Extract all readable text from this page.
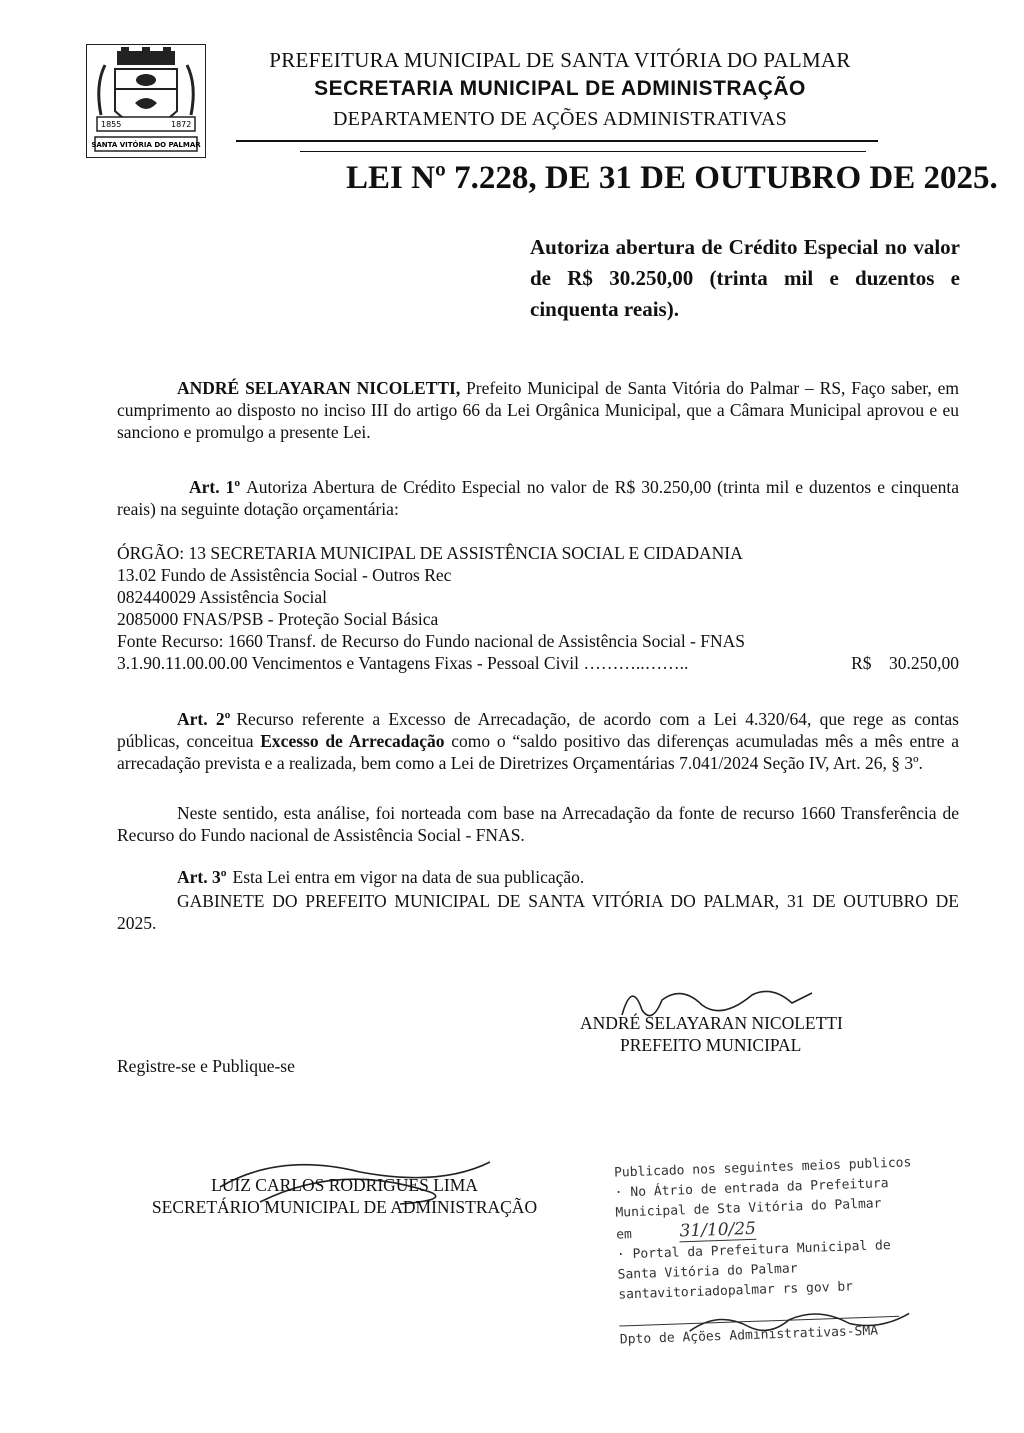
1855	1872
SANTA VITÓRIA DO PALMAR
PREFEITURA MUNICIPAL DE SANTA VITÓRIA DO PALMAR
SECRETARIA MUNICIPAL DE ADMINISTRAÇÃO
DEPARTAMENTO DE AÇÕES ADMINISTRATIVAS
LEI Nº 7.228, DE 31 DE OUTUBRO DE 2025.
Autoriza abertura de Crédito Especial no valor de R$ 30.250,00 (trinta mil e duzentos e cinquenta reais).
ANDRÉ SELAYARAN NICOLETTI, Prefeito Municipal de Santa Vitória do Palmar – RS, Faço saber, em cumprimento ao disposto no inciso III do artigo 66 da Lei Orgânica Municipal, que a Câmara Municipal aprovou e eu sanciono e promulgo a presente Lei.
Art. 1º Autoriza Abertura de Crédito Especial no valor de R$ 30.250,00 (trinta mil e duzentos e cinquenta reais) na seguinte dotação orçamentária:
ÓRGÃO: 13 SECRETARIA MUNICIPAL DE ASSISTÊNCIA SOCIAL E CIDADANIA
13.02 Fundo de Assistência Social - Outros Rec
082440029 Assistência Social
2085000 FNAS/PSB - Proteção Social Básica
Fonte Recurso: 1660 Transf. de Recurso do Fundo nacional de Assistência Social - FNAS
3.1.90.11.00.00.00 Vencimentos e Vantagens Fixas - Pessoal Civil ………..……..	R$ 30.250,00
Art. 2º Recurso referente a Excesso de Arrecadação, de acordo com a Lei 4.320/64, que rege as contas públicas, conceitua Excesso de Arrecadação como o “saldo positivo das diferenças acumuladas mês a mês entre a arrecadação prevista e a realizada, bem como a Lei de Diretrizes Orçamentárias 7.041/2024 Seção IV, Art. 26, § 3º.
Neste sentido, esta análise, foi norteada com base na Arrecadação da fonte de recurso 1660 Transferência de Recurso do Fundo nacional de Assistência Social - FNAS.
Art. 3º Esta Lei entra em vigor na data de sua publicação.
GABINETE DO PREFEITO MUNICIPAL DE SANTA VITÓRIA DO PALMAR, 31 DE OUTUBRO DE 2025.
ANDRÉ SELAYARAN NICOLETTI
PREFEITO MUNICIPAL
Registre-se e Publique-se
LUIZ CARLOS RODRIGUES LIMA
SECRETÁRIO MUNICIPAL DE ADMINISTRAÇÃO
Publicado nos seguintes meios publicos
· No Átrio de entrada da Prefeitura
Municipal de Sta Vitória do Palmar
em	31/10/25
· Portal da Prefeitura Municipal de
Santa Vitória do Palmar
santavitoriadopalmar rs gov br
Dpto de Ações Administrativas-SMA
